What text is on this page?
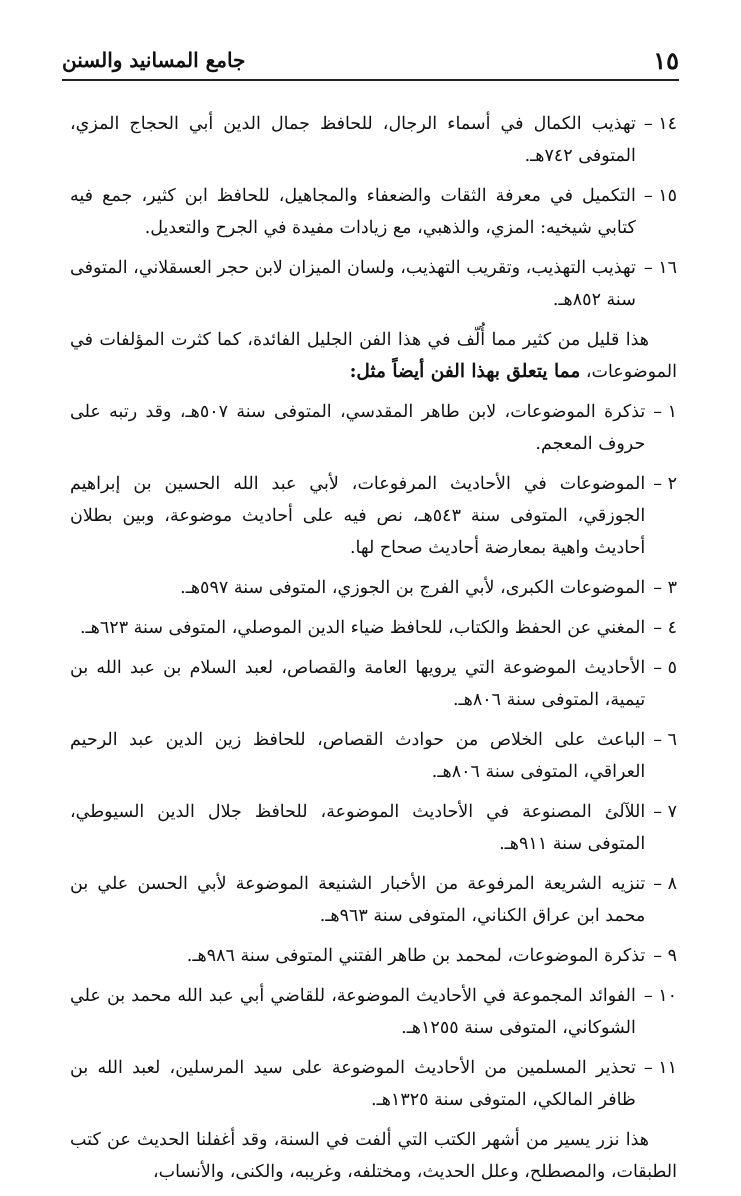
١٥
جامع المسانيد والسنن
١٤ –
تهذيب الكمال في أسماء الرجال، للحافظ جمال الدين أبي الحجاج المزي، المتوفى ٧٤٢هـ.
١٥ –
التكميل في معرفة الثقات والضعفاء والمجاهيل، للحافظ ابن كثير، جمع فيه كتابي شيخيه: المزي، والذهبي، مع زيادات مفيدة في الجرح والتعديل.
١٦ –
تهذيب التهذيب، وتقريب التهذيب، ولسان الميزان لابن حجر العسقلاني، المتوفى سنة ٨٥٢هـ.
هذا قليل من كثير مما أُلّف في هذا الفن الجليل الفائدة، كما كثرت المؤلفات في الموضوعات، مما يتعلق بهذا الفن أيضاً مثل:
١ –
تذكرة الموضوعات، لابن طاهر المقدسي، المتوفى سنة ٥٠٧هـ، وقد رتبه على حروف المعجم.
٢ –
الموضوعات في الأحاديث المرفوعات، لأبي عبد الله الحسين بن إبراهيم الجوزقي، المتوفى سنة ٥٤٣هـ، نص فيه على أحاديث موضوعة، وبين بطلان أحاديث واهية بمعارضة أحاديث صحاح لها.
٣ –
الموضوعات الكبرى، لأبي الفرج بن الجوزي، المتوفى سنة ٥٩٧هـ.
٤ –
المغني عن الحفظ والكتاب، للحافظ ضياء الدين الموصلي، المتوفى سنة ٦٢٣هـ.
٥ –
الأحاديث الموضوعة التي يرويها العامة والقصاص، لعبد السلام بن عبد الله بن تيمية، المتوفى سنة ٨٠٦هـ.
٦ –
الباعث على الخلاص من حوادث القصاص، للحافظ زين الدين عبد الرحيم العراقي، المتوفى سنة ٨٠٦هـ.
٧ –
اللآلئ المصنوعة في الأحاديث الموضوعة، للحافظ جلال الدين السيوطي، المتوفى سنة ٩١١هـ.
٨ –
تنزيه الشريعة المرفوعة من الأخبار الشنيعة الموضوعة لأبي الحسن علي بن محمد ابن عراق الكناني، المتوفى سنة ٩٦٣هـ.
٩ –
تذكرة الموضوعات، لمحمد بن طاهر الفتني المتوفى سنة ٩٨٦هـ.
١٠ –
الفوائد المجموعة في الأحاديث الموضوعة، للقاضي أبي عبد الله محمد بن علي الشوكاني، المتوفى سنة ١٢٥٥هـ.
١١ –
تحذير المسلمين من الأحاديث الموضوعة على سيد المرسلين، لعبد الله بن ظافر المالكي، المتوفى سنة ١٣٢٥هـ.
هذا نزر يسير من أشهر الكتب التي ألفت في السنة، وقد أغفلنا الحديث عن كتب الطبقات، والمصطلح، وعلل الحديث، ومختلفه، وغريبه، والكنى، والأنساب،
